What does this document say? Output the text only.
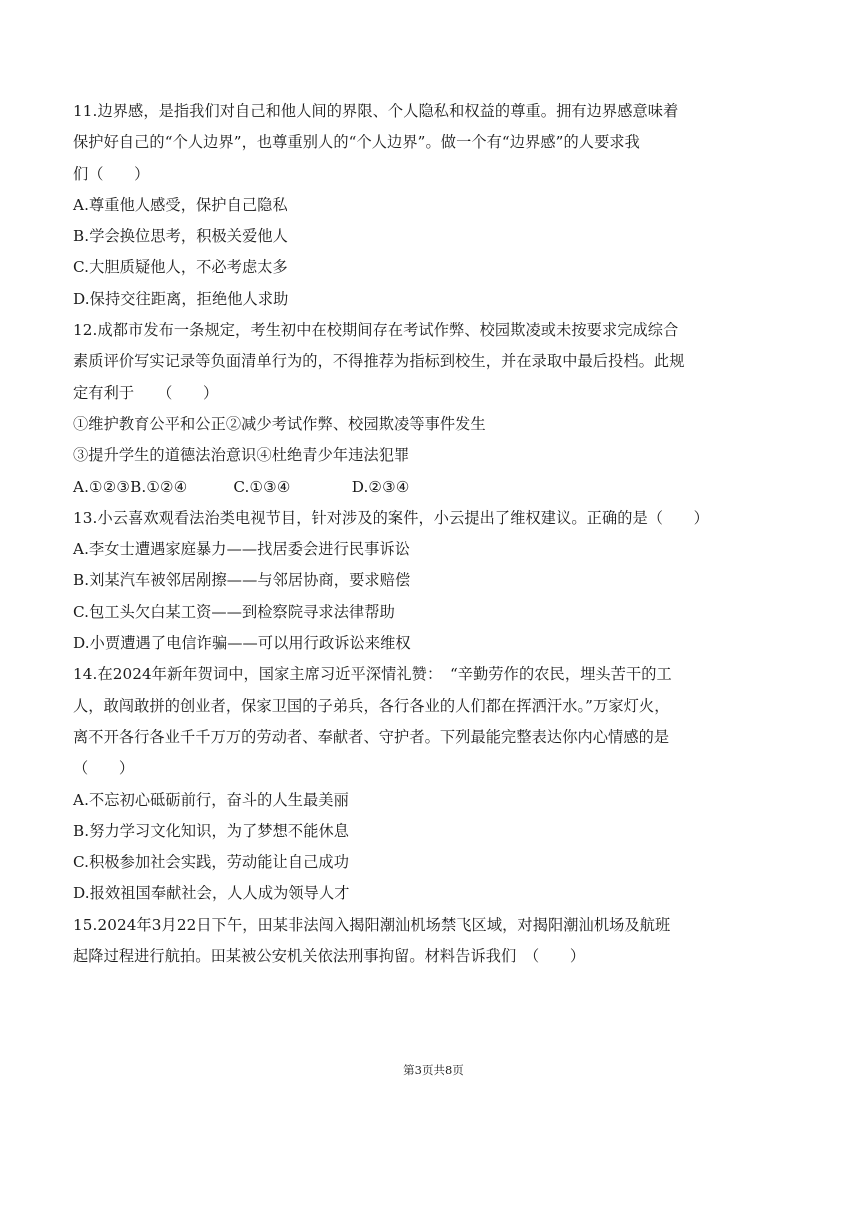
11.边界感，是指我们对自己和他人间的界限、个人隐私和权益的尊重。拥有边界感意味着
保护好自己的“个人边界”，也尊重别人的“个人边界”。做一个有“边界感”的人要求我
们（　　）
A.尊重他人感受，保护自己隐私
B.学会换位思考，积极关爱他人
C.大胆质疑他人，不必考虑太多
D.保持交往距离，拒绝他人求助
12.成都市发布一条规定，考生初中在校期间存在考试作弊、校园欺凌或未按要求完成综合
素质评价写实记录等负面清单行为的，不得推荐为指标到校生，并在录取中最后投档。此规
定有利于　　（　　）
①维护教育公平和公正②减少考试作弊、校园欺凌等事件发生
③提升学生的道德法治意识④杜绝青少年违法犯罪
A.①②③B.①②④　　　C.①③④　　　　D.②③④
13.小云喜欢观看法治类电视节目，针对涉及的案件，小云提出了维权建议。正确的是（　　）
A.李女士遭遇家庭暴力——找居委会进行民事诉讼
B.刘某汽车被邻居剐擦——与邻居协商，要求赔偿
C.包工头欠白某工资——到检察院寻求法律帮助
D.小贾遭遇了电信诈骗——可以用行政诉讼来维权
14.在2024年新年贺词中，国家主席习近平深情礼赞：　“辛勤劳作的农民，埋头苦干的工
人，敢闯敢拼的创业者，保家卫国的子弟兵，各行各业的人们都在挥洒汗水。”万家灯火，
离不开各行各业千千万万的劳动者、奉献者、守护者。下列最能完整表达你内心情感的是
（　　）
A.不忘初心砥砺前行，奋斗的人生最美丽
B.努力学习文化知识，为了梦想不能休息
C.积极参加社会实践，劳动能让自己成功
D.报效祖国奉献社会，人人成为领导人才
15.2024年3月22日下午，田某非法闯入揭阳潮汕机场禁飞区域，对揭阳潮汕机场及航班
起降过程进行航拍。田某被公安机关依法刑事拘留。材料告诉我们　（　　）
第3页共8页
